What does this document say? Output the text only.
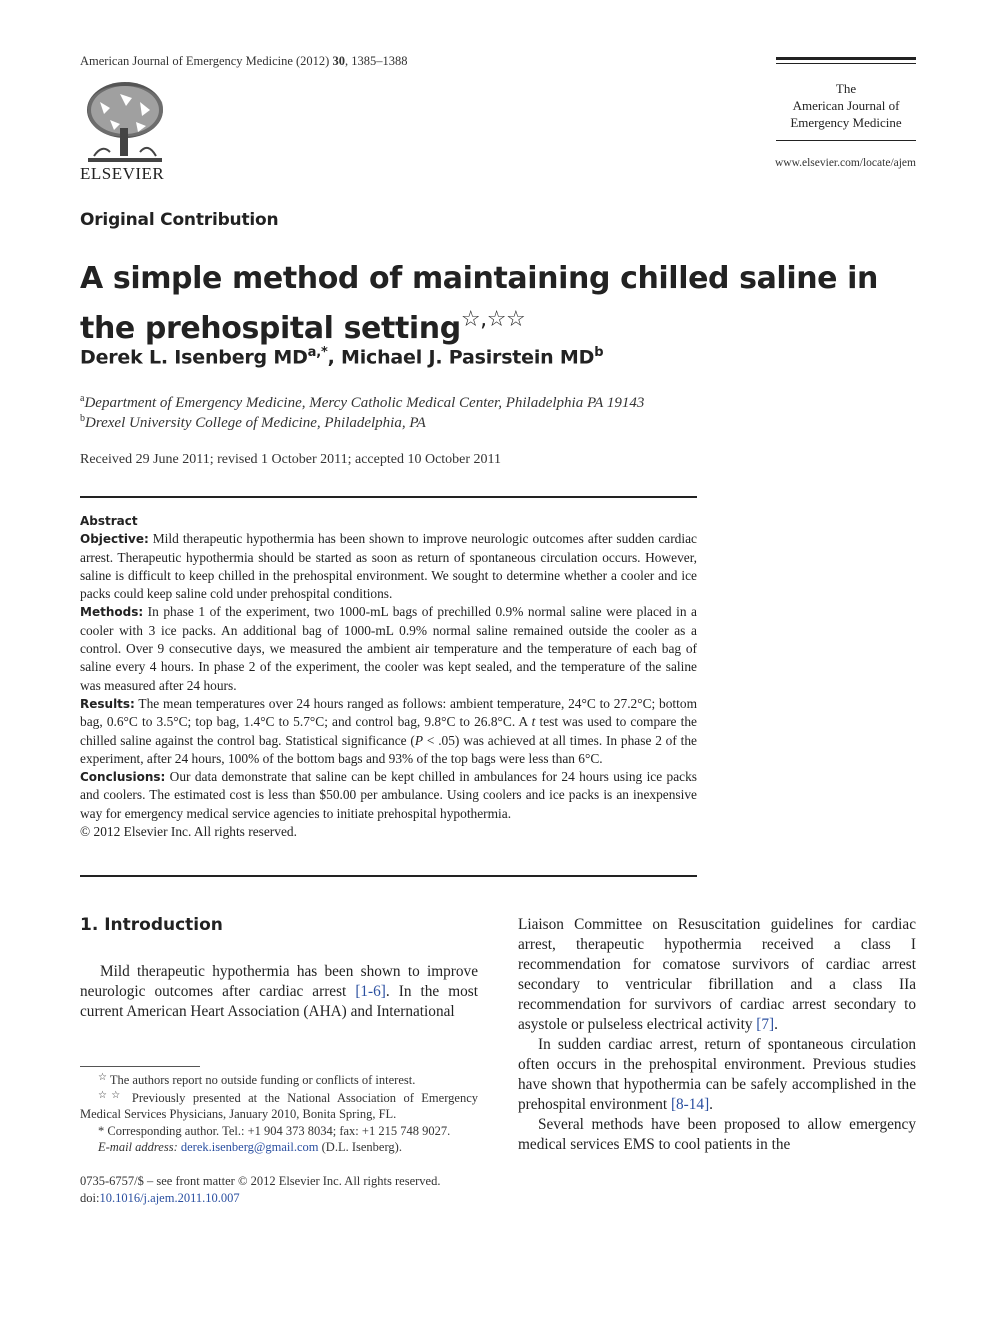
American Journal of Emergency Medicine (2012) 30, 1385–1388
ELSEVIER
The
American Journal of
Emergency Medicine
www.elsevier.com/locate/ajem
Original Contribution
A simple method of maintaining chilled saline in the prehospital setting☆,☆☆
Derek L. Isenberg $MD^{a,*}$, Michael J. Pasirstein $MD^b$
$^a$Department of Emergency Medicine, Mercy Catholic Medical Center, Philadelphia PA 19143
$^b$Drexel University College of Medicine, Philadelphia, PA
Received 29 June 2011; revised 1 October 2011; accepted 10 October 2011
Abstract

Objective: Mild therapeutic hypothermia has been shown to improve neurologic outcomes after sudden cardiac arrest. Therapeutic hypothermia should be started as soon as return of spontaneous circulation occurs. However, saline is difficult to keep chilled in the prehospital environment. We sought to determine whether a cooler and ice packs could keep saline cold under prehospital conditions.

Methods: In phase 1 of the experiment, two 1000-mL bags of prechilled 0.9% normal saline were placed in a cooler with 3 ice packs. An additional bag of 1000-mL 0.9% normal saline remained outside the cooler as a control. Over 9 consecutive days, we measured the ambient air temperature and the temperature of each bag of saline every 4 hours. In phase 2 of the experiment, the cooler was kept sealed, and the temperature of the saline was measured after 24 hours.

Results: The mean temperatures over 24 hours ranged as follows: ambient temperature, 24°C to 27.2°C; bottom bag, 0.6°C to 3.5°C; top bag, 1.4°C to 5.7°C; and control bag, 9.8°C to 26.8°C. A t test was used to compare the chilled saline against the control bag. Statistical significance (P < .05) was achieved at all times. In phase 2 of the experiment, after 24 hours, 100% of the bottom bags and 93% of the top bags were less than 6°C.

Conclusions: Our data demonstrate that saline can be kept chilled in ambulances for 24 hours using ice packs and coolers. The estimated cost is less than $50.00 per ambulance. Using coolers and ice packs is an inexpensive way for emergency medical service agencies to initiate prehospital hypothermia.

© 2012 Elsevier Inc. All rights reserved.

1. Introduction

Mild therapeutic hypothermia has been shown to improve neurologic outcomes after cardiac arrest [1-6]. In the most current American Heart Association (AHA) and International

Liaison Committee on Resuscitation guidelines for cardiac arrest, therapeutic hypothermia received a class I recommendation for comatose survivors of cardiac arrest secondary to ventricular fibrillation and a class IIa recommendation for survivors of cardiac arrest secondary to asystole or pulseless electrical activity [7].

In sudden cardiac arrest, return of spontaneous circulation often occurs in the prehospital environment. Previous studies have shown that hypothermia can be safely accomplished in the prehospital environment [8-14].

Several methods have been proposed to allow emergency medical services EMS to cool patients in the

☆ The authors report no outside funding or conflicts of interest.

☆☆ Previously presented at the National Association of Emergency Medical Services Physicians, January 2010, Bonita Spring, FL.

* Corresponding author. Tel.: +1 904 373 8034; fax: +1 215 748 9027.

E-mail address: derek.isenberg@gmail.com (D.L. Isenberg).

0735-6757/$ – see front matter © 2012 Elsevier Inc. All rights reserved.
doi:10.1016/j.ajem.2011.10.007
